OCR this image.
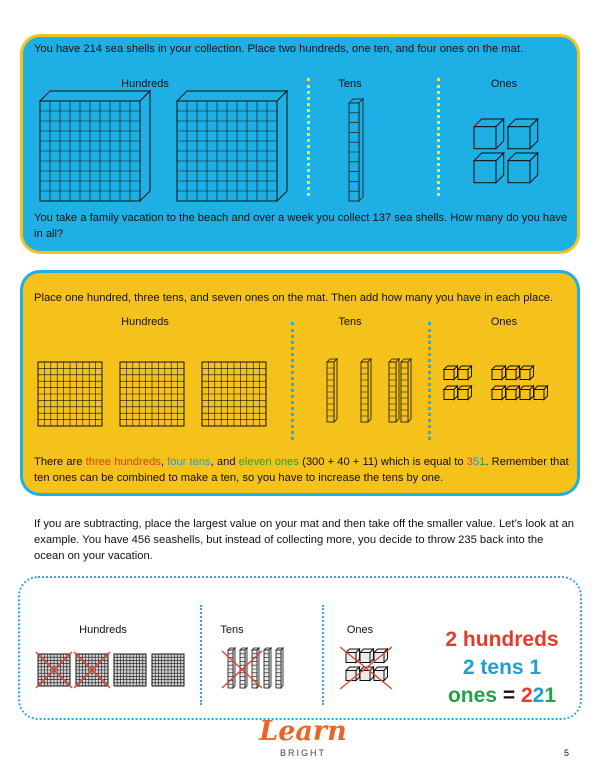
You have 214 sea shells in your collection. Place two hundreds, one ten, and four ones on the mat.
Hundreds	Tens	Ones
You take a family vacation to the beach and over a week you collect 137 sea shells. How many do you have in all?
Place one hundred, three tens, and seven ones on the mat. Then add how many you have in each place.
Hundreds	Tens	Ones
There are three hundreds, four tens, and eleven ones (300 + 40 + 11) which is equal to 351. Remember that ten ones can be combined to make a ten, so you have to increase the tens by one.
If you are subtracting, place the largest value on your mat and then take off the smaller value. Let’s look at an example. You have 456 seashells, but instead of collecting more, you decide to throw 235 back into the ocean on your vacation.
Hundreds	Tens	Ones	2 hundreds
2 tens 1
ones = 221
Learn
BRIGHT	5
